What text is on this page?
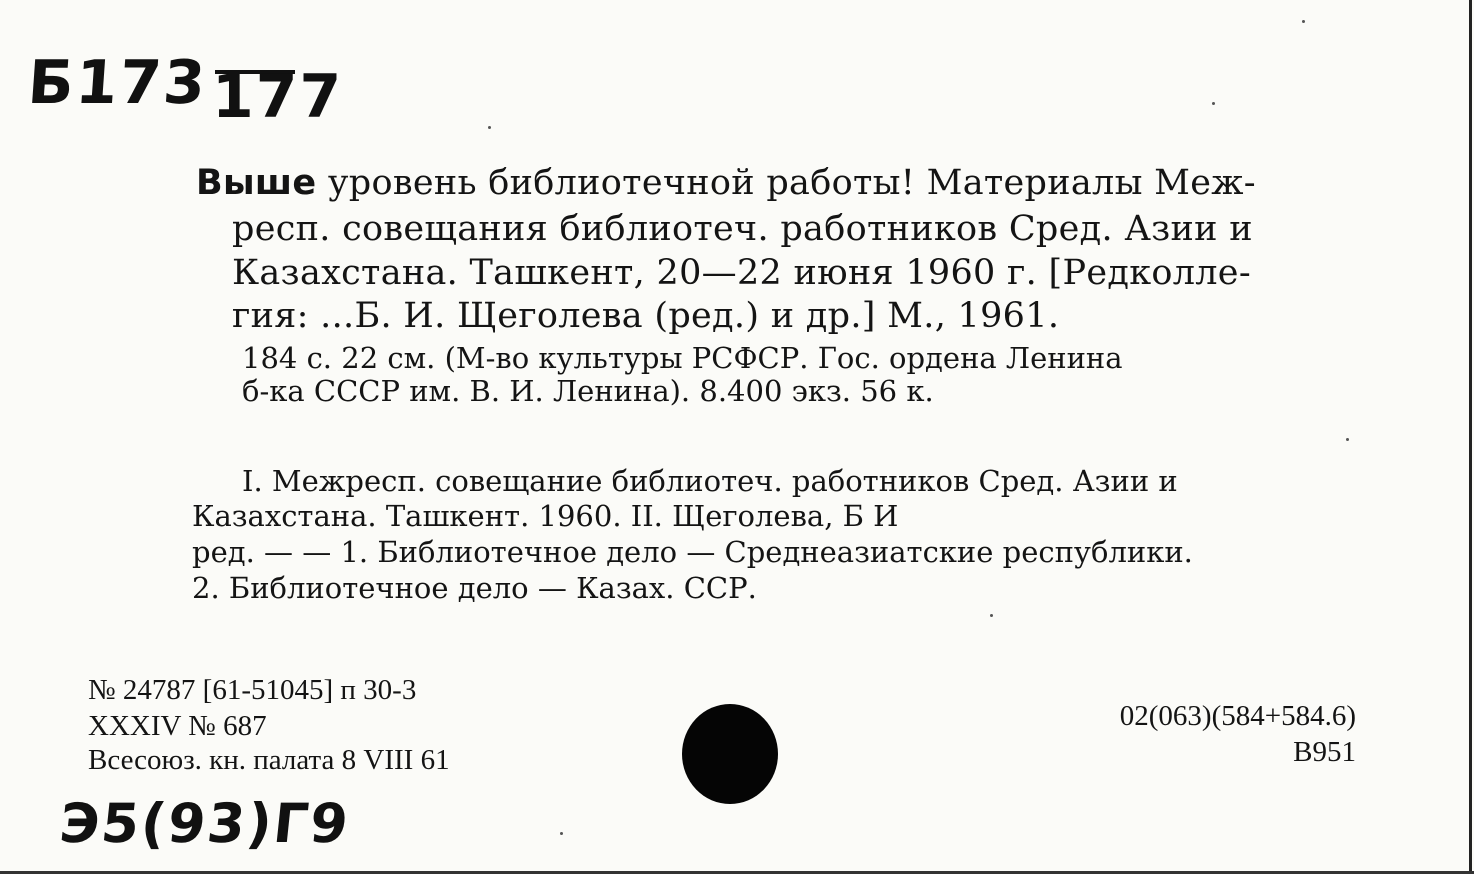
Б173 177
Выше уровень библиотечной работы! Материалы Меж-
респ. совещания библиотеч. работников Сред. Азии и
Казахстана. Ташкент, 20—22 июня 1960 г. [Редколле-
гия: ...Б. И. Щеголева (ред.) и др.] М., 1961.
184 с. 22 см. (М-во культуры РСФСР. Гос. ордена Ленина
б-ка СССР им. В. И. Ленина). 8.400 экз. 56 к.
I. Межресп. совещание библиотеч. работников Сред. Азии и
Казахстана. Ташкент. 1960. II. Щеголева, Б И
ред. — — 1. Библиотечное дело — Среднеазиатские республики.
2. Библиотечное дело — Казах. ССР.
№ 24787 [61-51045] п 30-3
XXXIV № 687
Всесоюз. кн. палата 8 VIII 61
02(063)(584+584.6)
В951
Э5(93)Г9
